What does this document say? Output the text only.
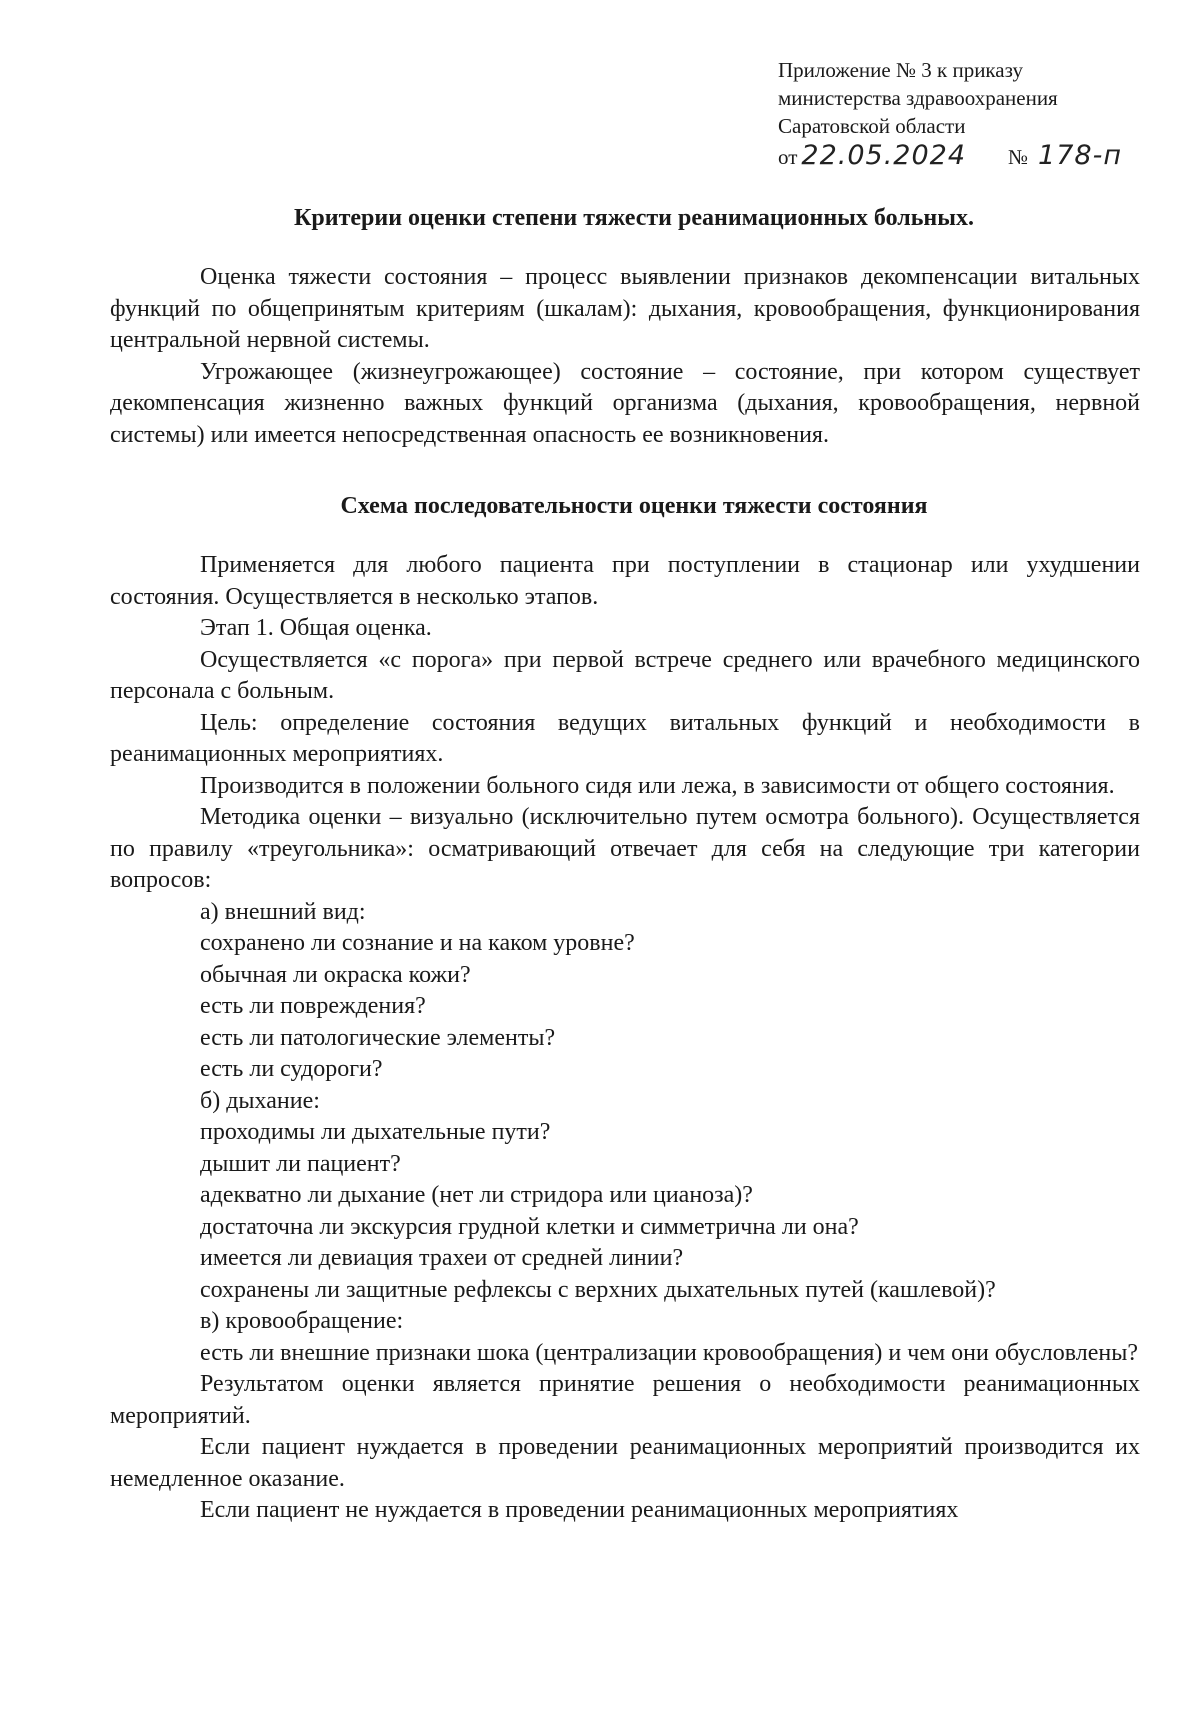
Приложение № 3 к приказу
министерства здравоохранения
Саратовской области
от 22.05.2024 № 178-п
Критерии оценки степени тяжести реанимационных больных.

Оценка тяжести состояния – процесс выявлении признаков декомпенсации витальных функций по общепринятым критериям (шкалам): дыхания, кровообращения, функционирования центральной нервной системы.

Угрожающее (жизнеугрожающее) состояние – состояние, при котором существует декомпенсация жизненно важных функций организма (дыхания, кровообращения, нервной системы) или имеется непосредственная опасность ее возникновения.

Схема последовательности оценки тяжести состояния

Применяется для любого пациента при поступлении в стационар или ухудшении состояния. Осуществляется в несколько этапов.

Этап 1. Общая оценка.

Осуществляется «с порога» при первой встрече среднего или врачебного медицинского персонала с больным.

Цель: определение состояния ведущих витальных функций и необходимости в реанимационных мероприятиях.

Производится в положении больного сидя или лежа, в зависимости от общего состояния.

Методика оценки – визуально (исключительно путем осмотра больного). Осуществляется по правилу «треугольника»: осматривающий отвечает для себя на следующие три категории вопросов:

а) внешний вид:

сохранено ли сознание и на каком уровне?

обычная ли окраска кожи?

есть ли повреждения?

есть ли патологические элементы?

есть ли судороги?

б) дыхание:

проходимы ли дыхательные пути?

дышит ли пациент?

адекватно ли дыхание (нет ли стридора или цианоза)?

достаточна ли экскурсия грудной клетки и симметрична ли она?

имеется ли девиация трахеи от средней линии?

сохранены ли защитные рефлексы с верхних дыхательных путей (кашлевой)?

в) кровообращение:

есть ли внешние признаки шока (централизации кровообращения) и чем они обусловлены?

Результатом оценки является принятие решения о необходимости реанимационных мероприятий.

Если пациент нуждается в проведении реанимационных мероприятий производится их немедленное оказание.

Если пациент не нуждается в проведении реанимационных мероприятиях
